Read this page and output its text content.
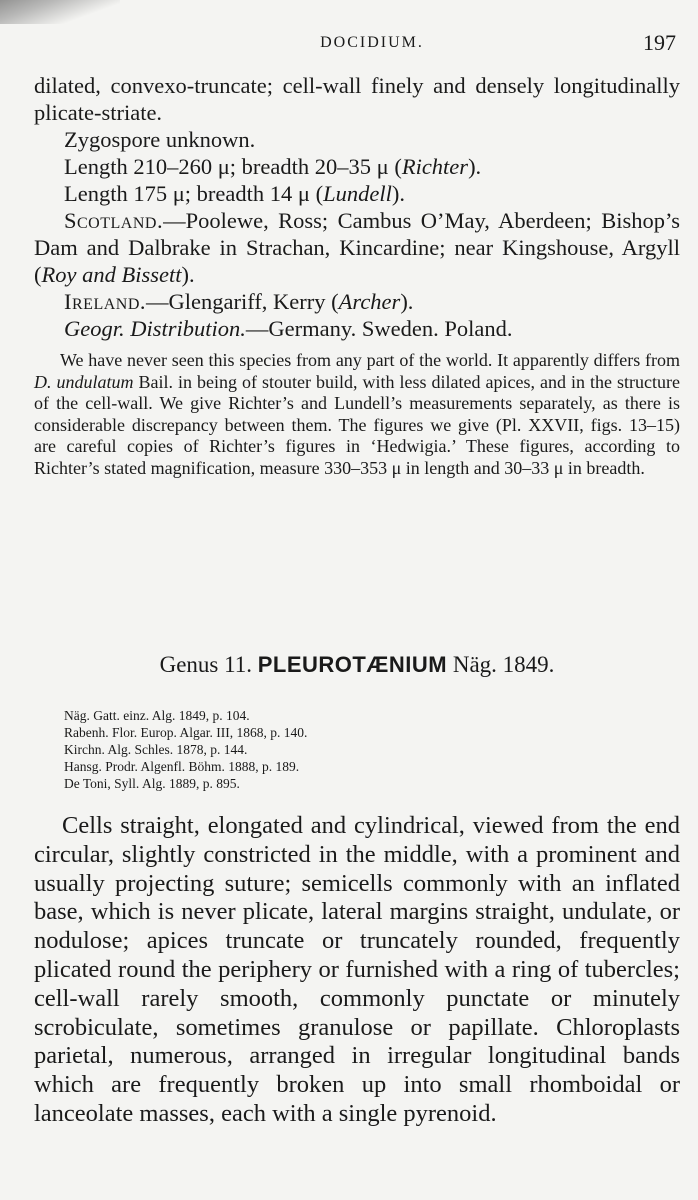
DOCIDIUM.	197

dilated, convexo-truncate; cell-wall finely and densely longitudinally plicate-striate.

Zygospore unknown.

Length 210–260 μ; breadth 20–35 μ (Richter).

Length 175 μ; breadth 14 μ (Lundell).

Scotland.—Poolewe, Ross; Cambus O’May, Aberdeen; Bishop’s Dam and Dalbrake in Strachan, Kincardine; near Kingshouse, Argyll (Roy and Bissett).

Ireland.—Glengariff, Kerry (Archer).

Geogr. Distribution.—Germany. Sweden. Poland.

We have never seen this species from any part of the world. It apparently differs from D. undulatum Bail. in being of stouter build, with less dilated apices, and in the structure of the cell-wall. We give Richter’s and Lundell’s measurements separately, as there is considerable discrepancy between them. The figures we give (Pl. XXVII, figs. 13–15) are careful copies of Richter’s figures in ‘Hedwigia.’ These figures, according to Richter’s stated magnification, measure 330–353 μ in length and 30–33 μ in breadth.

Genus 11. PLEUROTÆNIUM Näg. 1849.

Näg. Gatt. einz. Alg. 1849, p. 104.

Rabenh. Flor. Europ. Algar. III, 1868, p. 140.

Kirchn. Alg. Schles. 1878, p. 144.

Hansg. Prodr. Algenfl. Böhm. 1888, p. 189.

De Toni, Syll. Alg. 1889, p. 895.

Cells straight, elongated and cylindrical, viewed from the end circular, slightly constricted in the middle, with a prominent and usually projecting suture; semicells commonly with an inflated base, which is never plicate, lateral margins straight, undulate, or nodulose; apices truncate or truncately rounded, frequently plicated round the periphery or furnished with a ring of tubercles; cell-wall rarely smooth, commonly punctate or minutely scrobiculate, sometimes granulose or papillate. Chloroplasts parietal, numerous, arranged in irregular longitudinal bands which are frequently broken up into small rhomboidal or lanceolate masses, each with a single pyrenoid.
